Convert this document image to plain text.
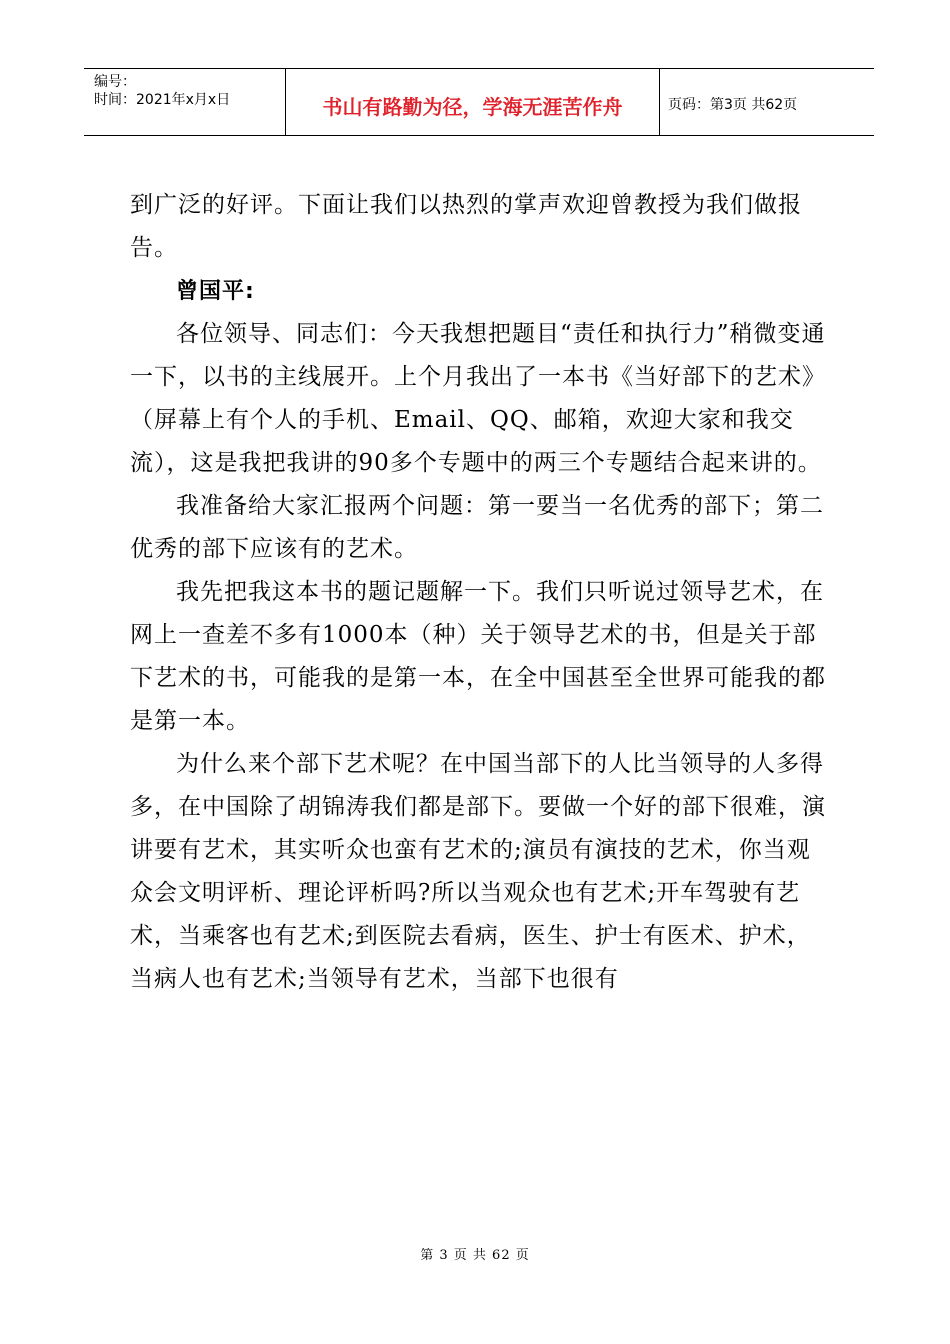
编号：
时间：2021年x月x日	书山有路勤为径，学海无涯苦作舟	页码：第3页 共62页

到广泛的好评。下面让我们以热烈的掌声欢迎曾教授为我们做报告。

曾国平:

各位领导、同志们：今天我想把题目“责任和执行力”稍微变通一下，以书的主线展开。上个月我出了一本书《当好部下的艺术》（屏幕上有个人的手机、Email、QQ、邮箱，欢迎大家和我交流），这是我把我讲的90多个专题中的两三个专题结合起来讲的。

我准备给大家汇报两个问题：第一要当一名优秀的部下；第二优秀的部下应该有的艺术。

我先把我这本书的题记题解一下。我们只听说过领导艺术，在网上一查差不多有1000本（种）关于领导艺术的书，但是关于部下艺术的书，可能我的是第一本，在全中国甚至全世界可能我的都是第一本。

为什么来个部下艺术呢？在中国当部下的人比当领导的人多得多，在中国除了胡锦涛我们都是部下。要做一个好的部下很难，演讲要有艺术，其实听众也蛮有艺术的;演员有演技的艺术，你当观众会文明评析、理论评析吗?所以当观众也有艺术;开车驾驶有艺术，当乘客也有艺术;到医院去看病，医生、护士有医术、护术，当病人也有艺术;当领导有艺术，当部下也很有

第 3 页 共 62 页
